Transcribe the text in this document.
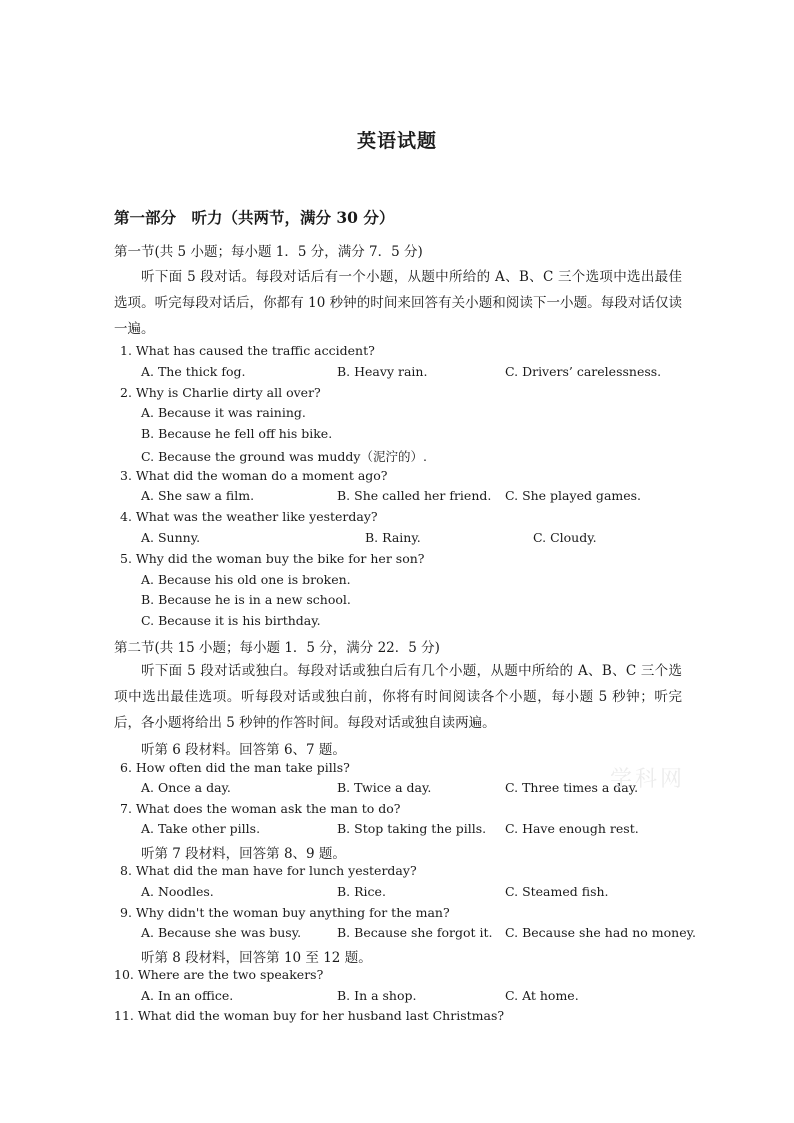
英语试题
第一部分　听力（共两节，满分 30 分）
第一节(共 5 小题；每小题 1．5 分，满分 7．5 分)
听下面 5 段对话。每段对话后有一个小题，从题中所给的 A、B、C 三个选项中选出最佳选项。听完每段对话后，你都有 10 秒钟的时间来回答有关小题和阅读下一小题。每段对话仅读一遍。
1. What has caused the traffic accident?
A. The thick fog.	B. Heavy rain.	C. Drivers’ carelessness.
2. Why is Charlie dirty all over?
A. Because it was raining.
B. Because he fell off his bike.
C. Because the ground was muddy（泥泞的）.
3. What did the woman do a moment ago?
A. She saw a film.	B. She called her friend. C. She played games.
4. What was the weather like yesterday?
A. Sunny.	B. Rainy.	C. Cloudy.
5. Why did the woman buy the bike for her son?
A. Because his old one is broken.
B. Because he is in a new school.
C. Because it is his birthday.
第二节(共 15 小题；每小题 1．5 分，满分 22．5 分)
听下面 5 段对话或独白。每段对话或独白后有几个小题，从题中所给的 A、B、C 三个选项中选出最佳选项。听每段对话或独白前，你将有时间阅读各个小题，每小题 5 秒钟；听完后，各小题将给出 5 秒钟的作答时间。每段对话或独自读两遍。
听第 6 段材料。回答第 6、7 题。
6. How often did the man take pills?
A. Once a day.	B. Twice a day.	C. Three times a day.
7. What does the woman ask the man to do?
A. Take other pills.	B. Stop taking the pills. C. Have enough rest.
听第 7 段材料，回答第 8、9 题。
8. What did the man have for lunch yesterday?
A. Noodles.	B. Rice.	C. Steamed fish.
9. Why didn't the woman buy anything for the man?
A. Because she was busy.	B. Because she forgot it. C. Because she had no money.
听第 8 段材料，回答第 10 至 12 题。
10. Where are the two speakers?
A. In an office.	B. In a shop.	C. At home.
11. What did the woman buy for her husband last Christmas?
学科网
